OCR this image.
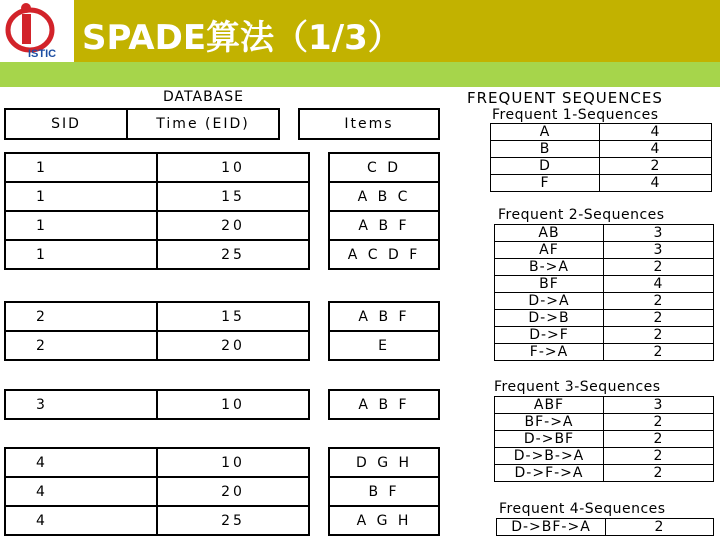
ISTIC SPADE算法（1/3）
DATABASE
SID	Time (EID)		Items
1	10		C D
1	15		A B C
1	20		A B F
1	25		A C D F
2	15		A B F
2	20		E
3	10		A B F
4	10		D G H
4	20		B F
4	25		A G H
FREQUENT SEQUENCES
Frequent 1-Sequences
A	4
B	4
D	2
F	4
Frequent 2-Sequences
AB	3
AF	3
B->A	2
BF	4
D->A	2
D->B	2
D->F	2
F->A	2
Frequent 3-Sequences
ABF	3
BF->A	2
D->BF	2
D->B->A	2
D->F->A	2
Frequent 4-Sequences
D->BF->A	2
